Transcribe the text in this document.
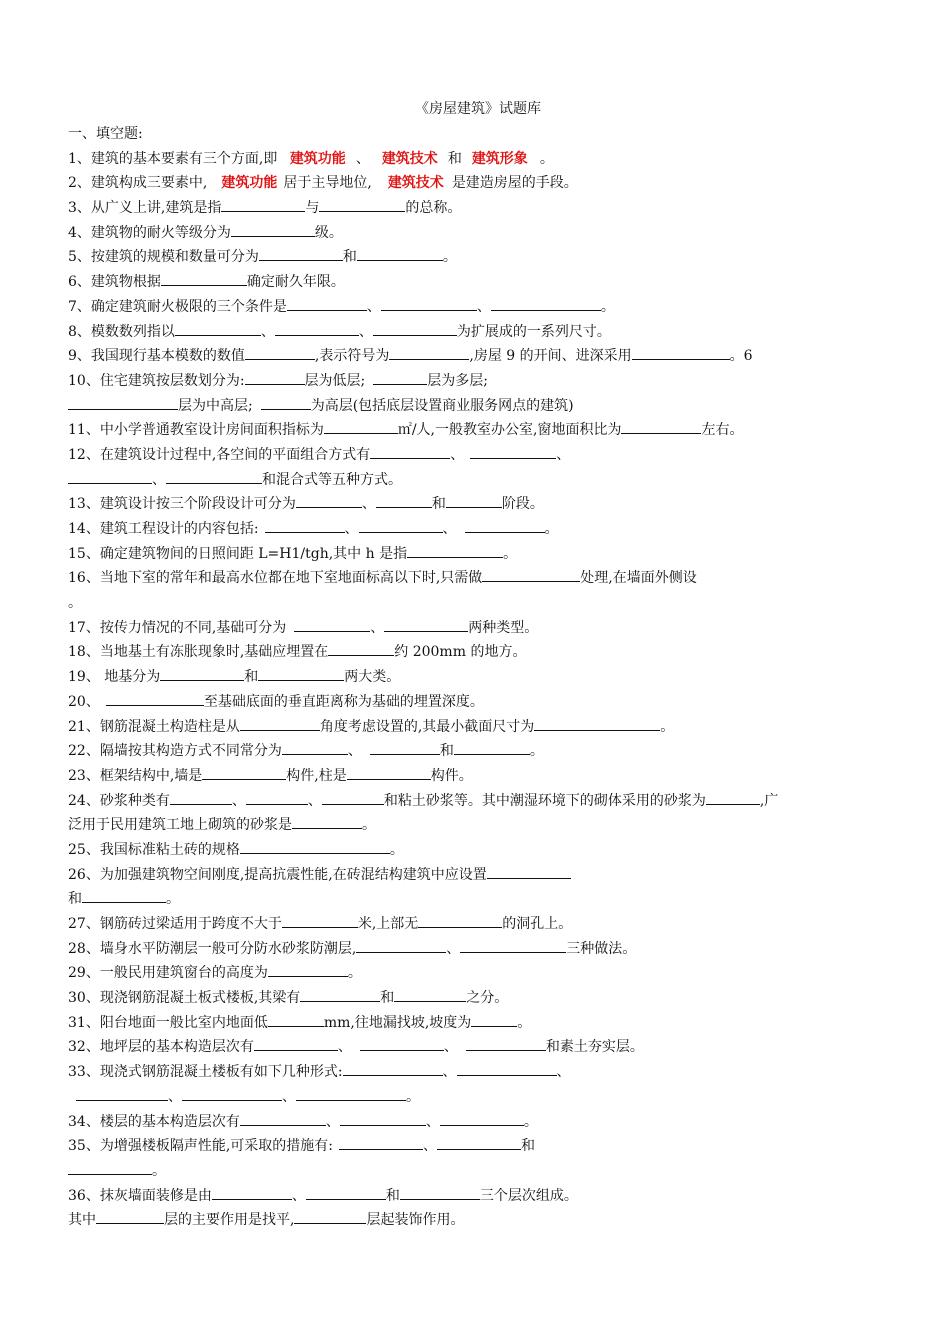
《房屋建筑》试题库
一、填空题:
1、建筑的基本要素有三个方面,即 建筑功能 、 建筑技术 和 建筑形象 。
2、建筑构成三要素中, 建筑功能 居于主导地位, 建筑技术 是建造房屋的手段。
3、从广义上讲,建筑是指	与	的总称。
4、建筑物的耐火等级分为	级。
5、按建筑的规模和数量可分为	和	。
6、建筑物根据	确定耐久年限。
7、确定建筑耐火极限的三个条件是	、	、	。
8、模数数列指以	、	、	为扩展成的一系列尺寸。
9、我国现行基本模数的数值	,表示符号为	,房屋 9 的开间、进深采用	。6
10、住宅建筑按层数划分为:	层为低层;	层为多层;
层为中高层;	为高层(包括底层设置商业服务网点的建筑)
11、中小学普通教室设计房间面积指标为	㎡/人,一般教室办公室,窗地面积比为	左右。
12、在建筑设计过程中,各空间的平面组合方式有	、	、
、	和混合式等五种方式。
13、建筑设计按三个阶段设计可分为	、	和	阶段。
14、建筑工程设计的内容包括:	、	、	。
15、确定建筑物间的日照间距 L=H1/tgh,其中 h 是指	。
16、当地下室的常年和最高水位都在地下室地面标高以下时,只需做	处理,在墙面外侧设
。
17、按传力情况的不同,基础可分为	、	两种类型。
18、当地基土有冻胀现象时,基础应埋置在	约 200mm 的地方。
19、 地基分为	和	两大类。
20、	至基础底面的垂直距离称为基础的埋置深度。
21、钢筋混凝土构造柱是从	角度考虑设置的,其最小截面尺寸为	。
22、隔墙按其构造方式不同常分为	、	和	。
23、框架结构中,墙是	构件,柱是	构件。
24、砂浆种类有	、	、	和粘土砂浆等。其中潮湿环境下的砌体采用的砂浆为	,广
泛用于民用建筑工地上砌筑的砂浆是	。
25、我国标准粘土砖的规格	。
26、为加强建筑物空间刚度,提高抗震性能,在砖混结构建筑中应设置
和	。
27、钢筋砖过梁适用于跨度不大于	米,上部无	的洞孔上。
28、墙身水平防潮层一般可分防水砂浆防潮层,	、	三种做法。
29、一般民用建筑窗台的高度为	。
30、现浇钢筋混凝土板式楼板,其梁有	和	之分。
31、阳台地面一般比室内地面低	mm,往地漏找坡,坡度为	。
32、地坪层的基本构造层次有	、	、	和素土夯实层。
33、现浇式钢筋混凝土楼板有如下几种形式:	、	、
、	、	。
34、楼层的基本构造层次有	、	、	。
35、为增强楼板隔声性能,可采取的措施有:	、	和
。
36、抹灰墙面装修是由	、	和	三个层次组成。
其中	层的主要作用是找平,	层起装饰作用。
